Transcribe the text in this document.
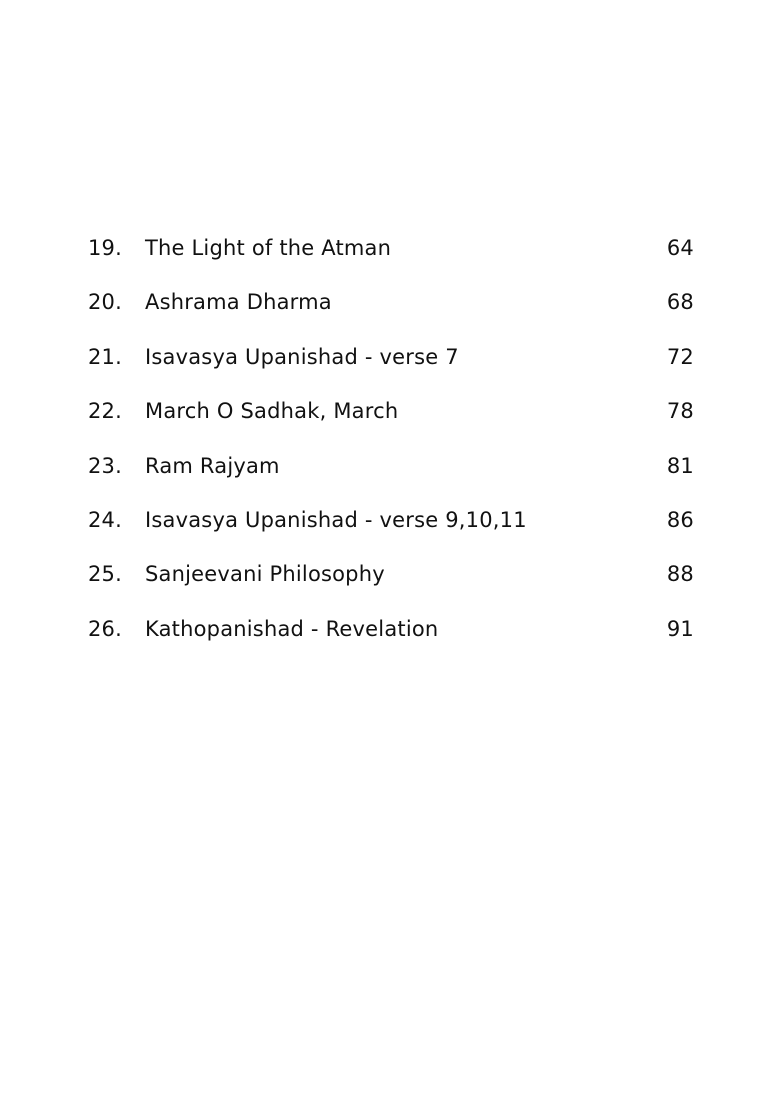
19.	The Light of the Atman	64
20.	Ashrama Dharma	68
21.	Isavasya Upanishad - verse 7	72
22.	March O Sadhak, March	78
23.	Ram Rajyam	81
24.	Isavasya Upanishad - verse 9,10,11	86
25.	Sanjeevani Philosophy	88
26.	Kathopanishad - Revelation	91
